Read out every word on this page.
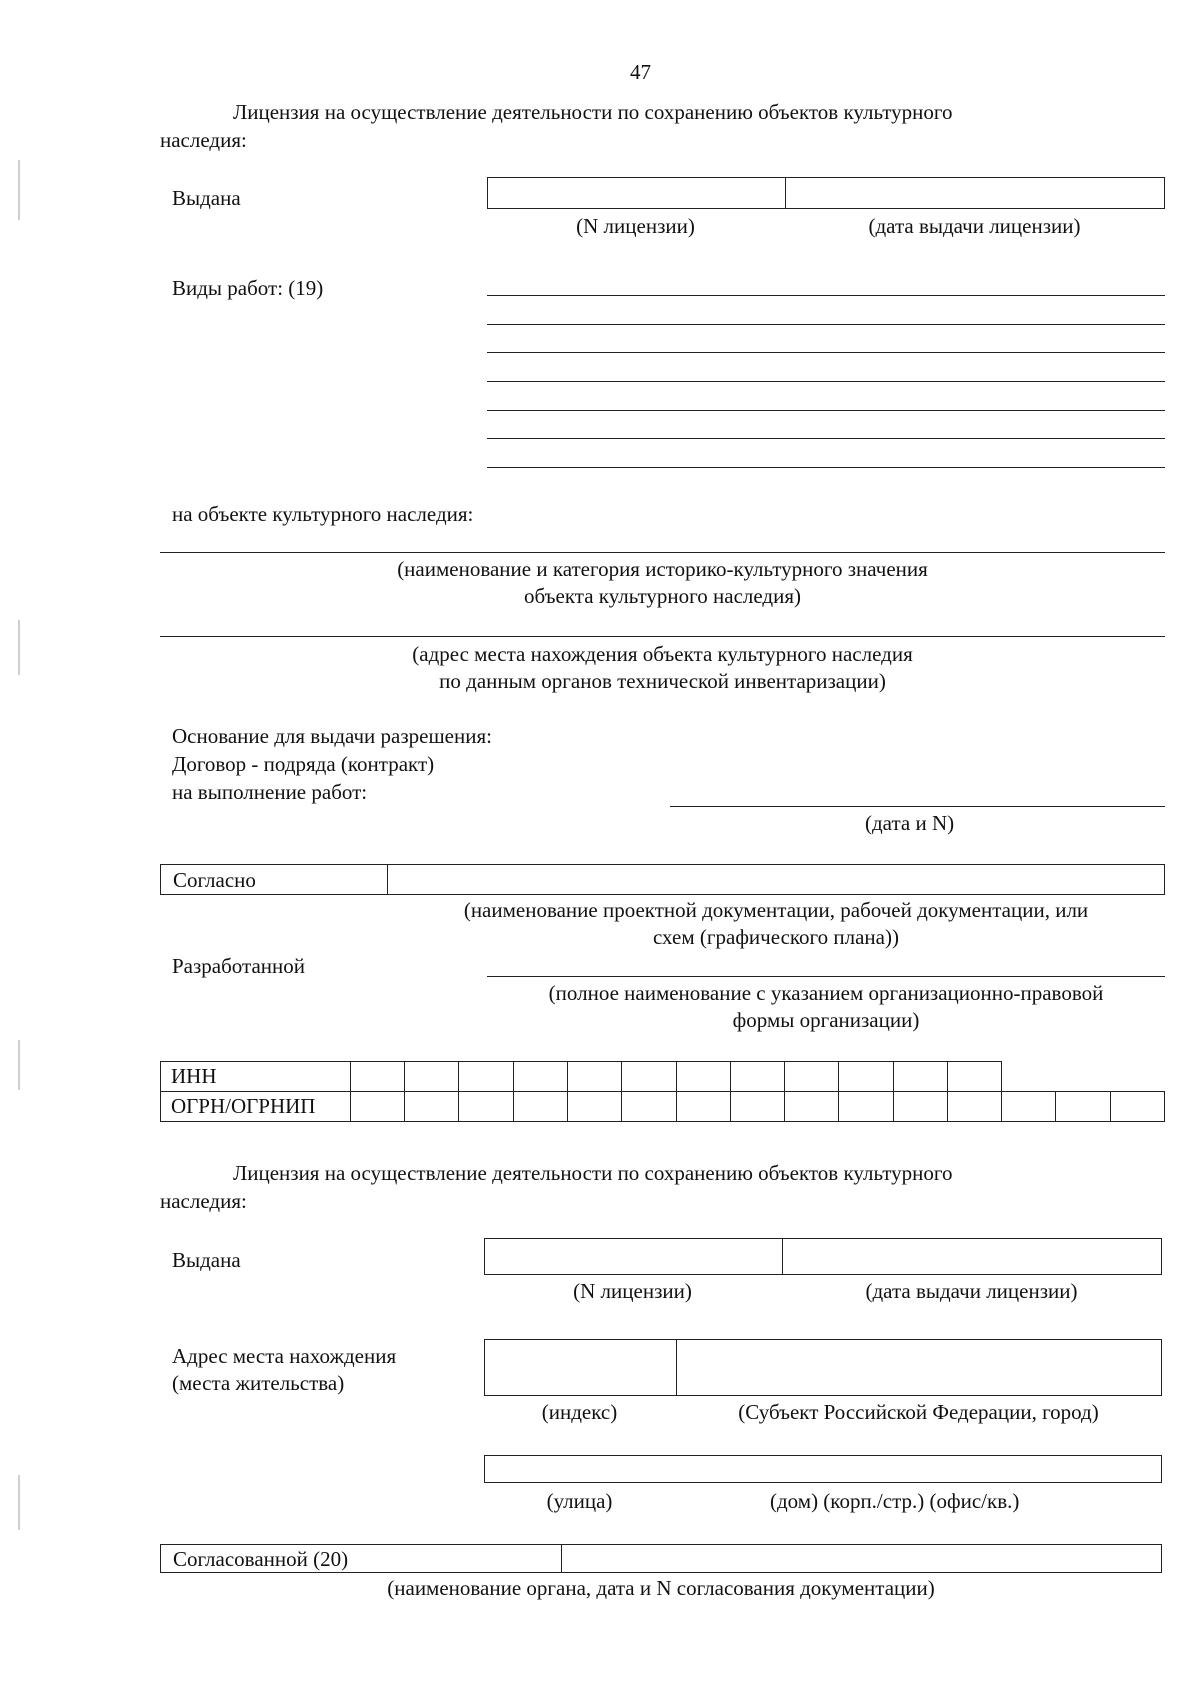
47
Лицензия на осуществление деятельности по сохранению объектов культурного
наследия:
Выдана
(N лицензии)	(дата выдачи лицензии)
Виды работ: (19)
на объекте культурного наследия:
(наименование и категория историко-культурного значения
объекта культурного наследия)
(адрес места нахождения объекта культурного наследия
по данным органов технической инвентаризации)
Основание для выдачи разрешения:
Договор - подряда (контракт)
на выполнение работ:
(дата и N)
Согласно
(наименование проектной документации, рабочей документации, или
схем (графического плана))
Разработанной
(полное наименование с указанием организационно-правовой
формы организации)
ИНН															
ОГРН/ОГРНИП															
Лицензия на осуществление деятельности по сохранению объектов культурного
наследия:
Выдана
(N лицензии)	(дата выдачи лицензии)
Адрес места нахождения
(места жительства)
(индекс)	(Субъект Российской Федерации, город)
(улица)	(дом) (корп./стр.) (офис/кв.)
Согласованной (20)
(наименование органа, дата и N согласования документации)
